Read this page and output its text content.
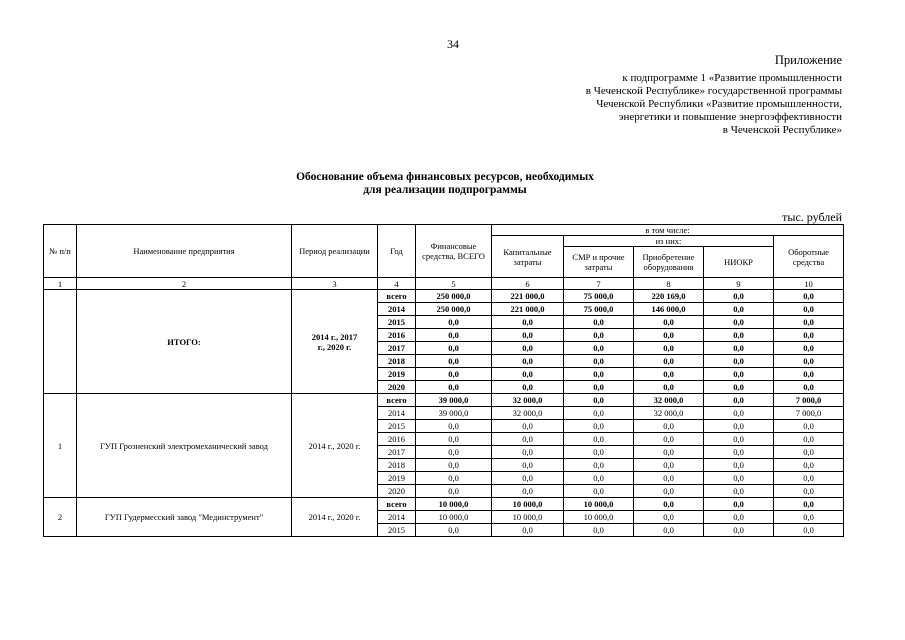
34
Приложение
к подпрограмме 1 «Развитие промышленности
в Чеченской Республике» государственной программы
Чеченской Республики «Развитие промышленности,
энергетики и повышение энергоэффективности
в Чеченской Республике»
Обоснование объема финансовых ресурсов, необходимых
для реализации подпрограммы
тыс. рублей
№ п/п	Наименование предприятия	Период реализации	Год	Финансовые средства, ВСЕГО	в том числе:				
					Капитальные затраты	из них:			Оборотные средства
						СМР и прочие затраты	Приобретение оборудования	НИОКР	
1	2	3	4	5	6	7	8	9	10
	ИТОГО:	2014 г., 2017 г., 2020 г.	всего	250 000,0	221 000,0	75 000,0	220 169,0	0,0	0,0
			2014	250 000,0	221 000,0	75 000,0	146 000,0	0,0	0,0
			2015	0,0	0,0	0,0	0,0	0,0	0,0
			2016	0,0	0,0	0,0	0,0	0,0	0,0
			2017	0,0	0,0	0,0	0,0	0,0	0,0
			2018	0,0	0,0	0,0	0,0	0,0	0,0
			2019	0,0	0,0	0,0	0,0	0,0	0,0
			2020	0,0	0,0	0,0	0,0	0,0	0,0
1	ГУП Грозненский электромеханический завод	2014 г., 2020 г.	всего	39 000,0	32 000,0	0,0	32 000,0	0,0	7 000,0
			2014	39 000,0	32 000,0	0,0	32 000,0	0,0	7 000,0
			2015	0,0	0,0	0,0	0,0	0,0	0,0
			2016	0,0	0,0	0,0	0,0	0,0	0,0
			2017	0,0	0,0	0,0	0,0	0,0	0,0
			2018	0,0	0,0	0,0	0,0	0,0	0,0
			2019	0,0	0,0	0,0	0,0	0,0	0,0
			2020	0,0	0,0	0,0	0,0	0,0	0,0
2	ГУП Гудермесский завод "Мединструмент"	2014 г., 2020 г.	всего	10 000,0	10 000,0	10 000,0	0,0	0,0	0,0
			2014	10 000,0	10 000,0	10 000,0	0,0	0,0	0,0
			2015	0,0	0,0	0,0	0,0	0,0	0,0
